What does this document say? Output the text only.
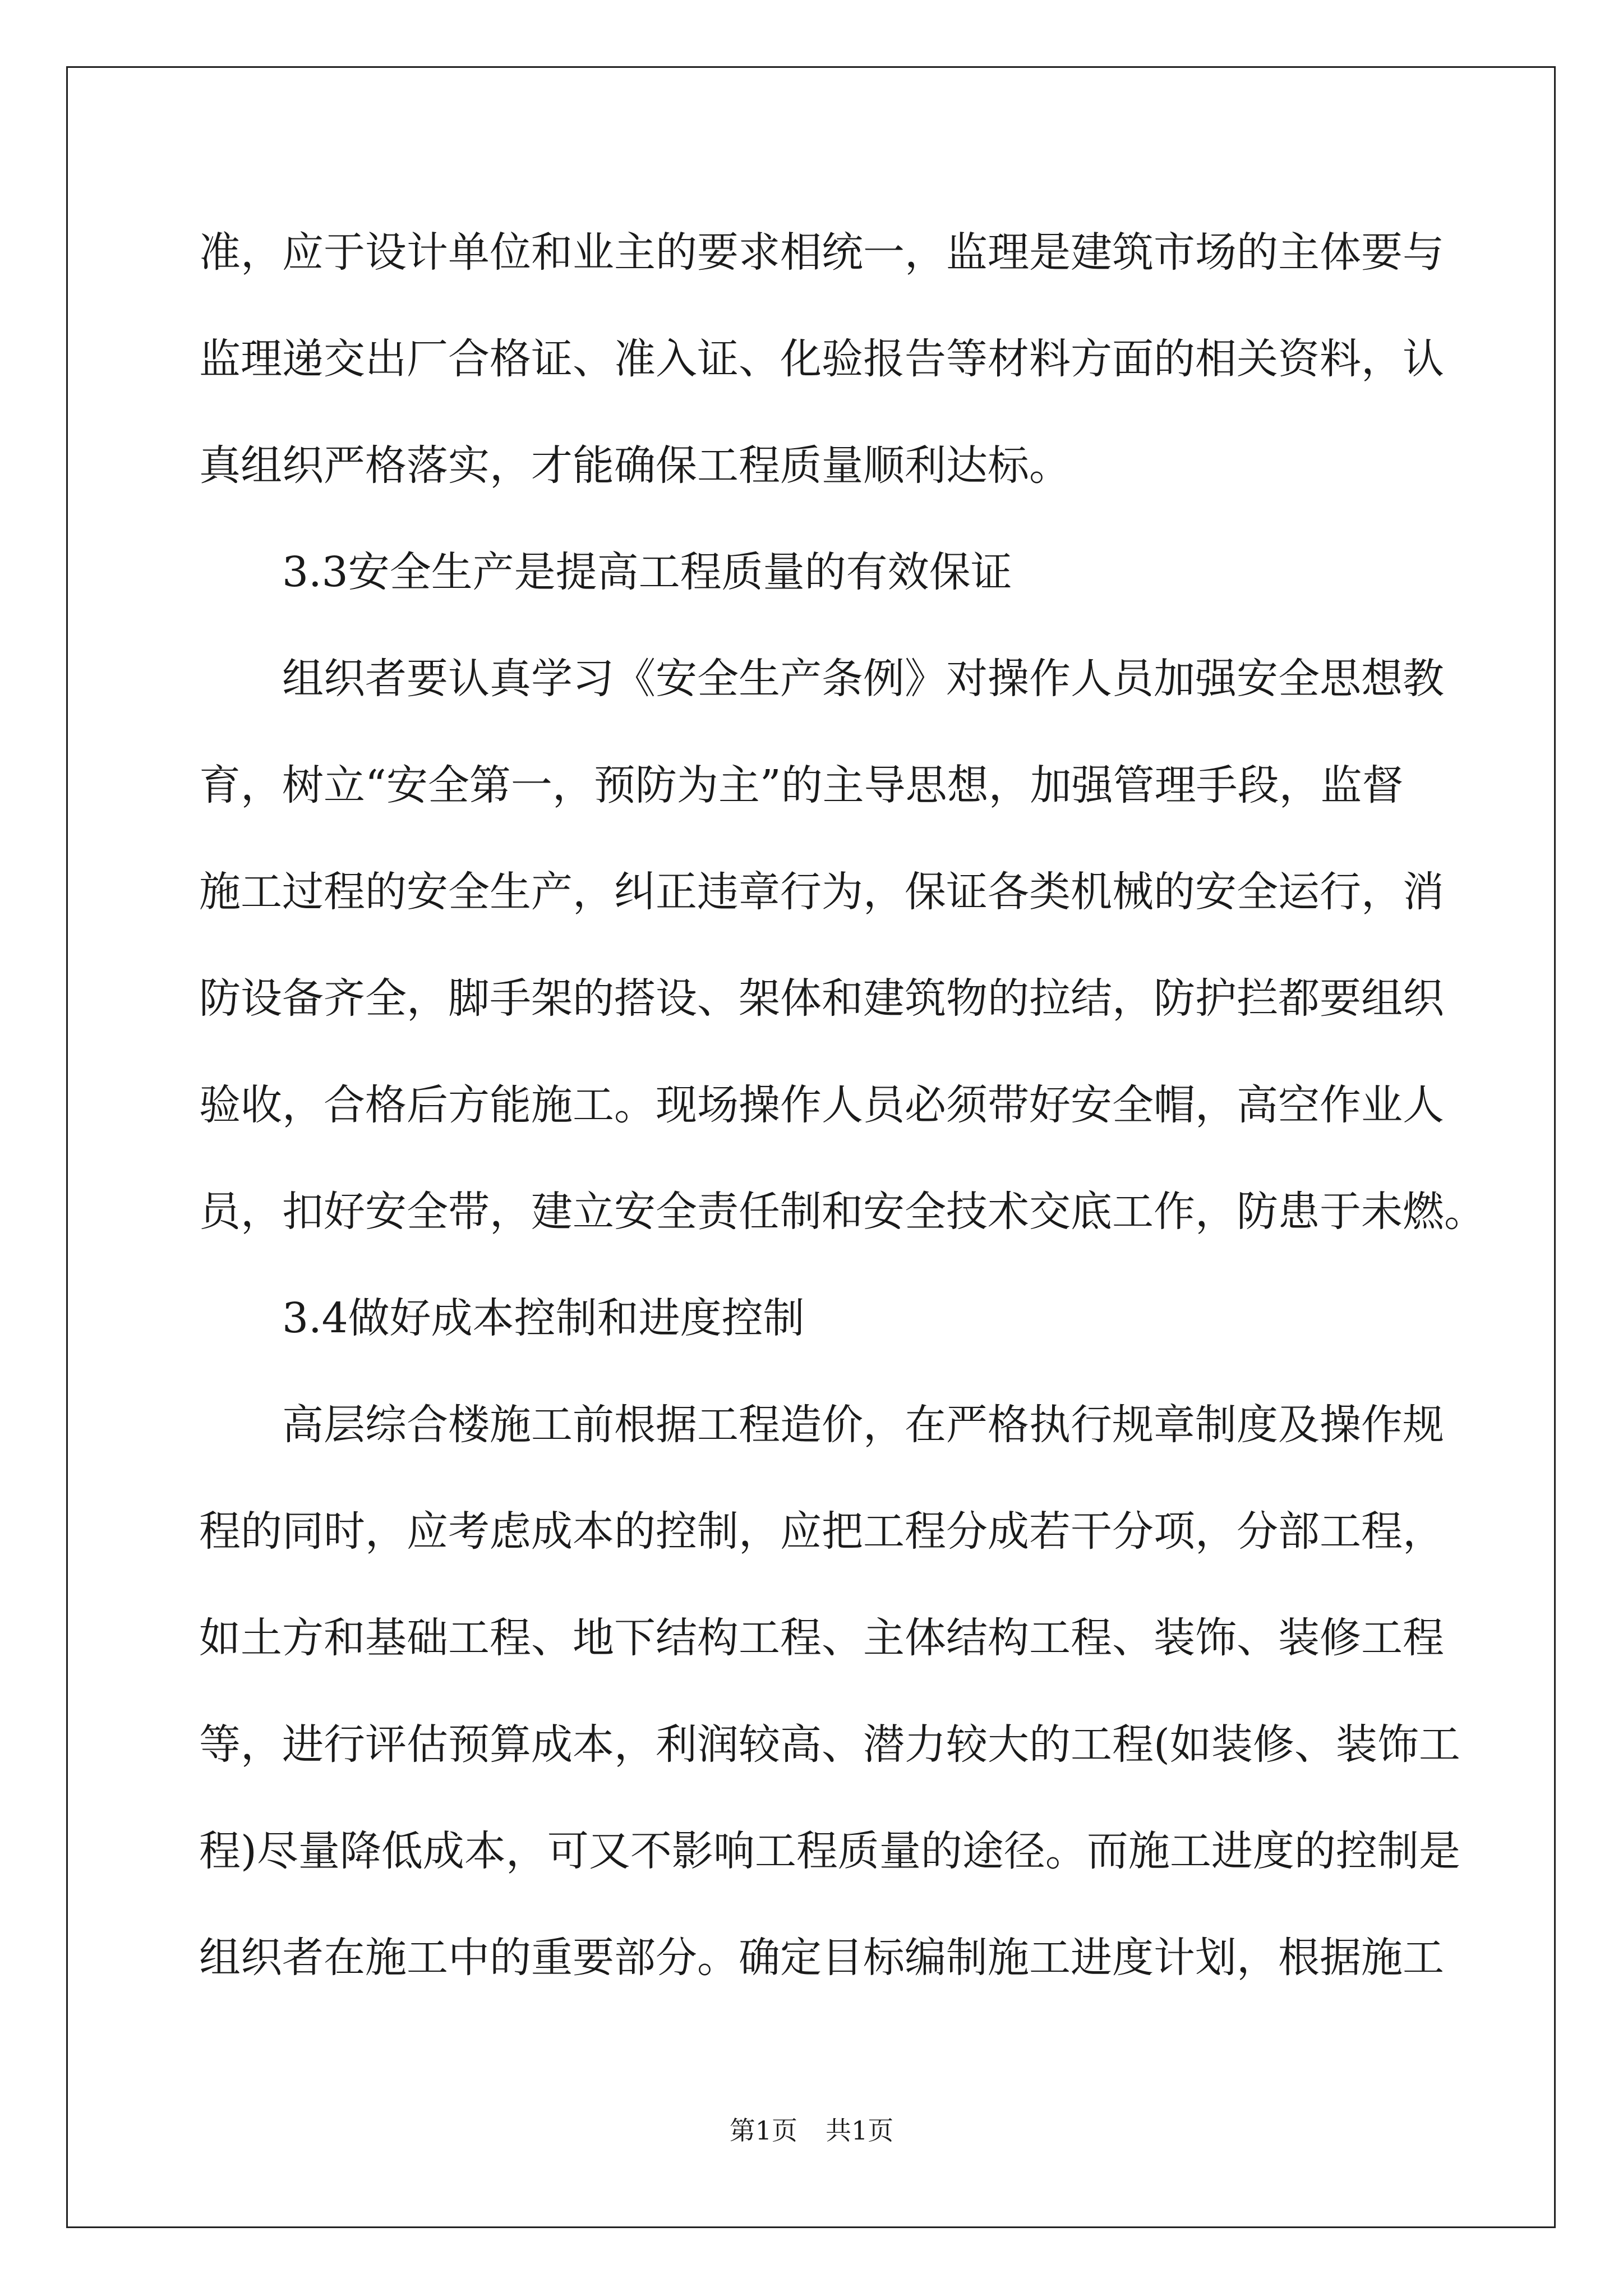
准，应于设计单位和业主的要求相统一，监理是建筑市场的主体要与
监理递交出厂合格证、准入证、化验报告等材料方面的相关资料，认
真组织严格落实，才能确保工程质量顺利达标。
3.3安全生产是提高工程质量的有效保证
组织者要认真学习《安全生产条例》对操作人员加强安全思想教
育，树立“安全第一，预防为主”的主导思想，加强管理手段，监督
施工过程的安全生产，纠正违章行为，保证各类机械的安全运行，消
防设备齐全，脚手架的搭设、架体和建筑物的拉结，防护拦都要组织
验收，合格后方能施工。现场操作人员必须带好安全帽，高空作业人
员，扣好安全带，建立安全责任制和安全技术交底工作，防患于未燃。
3.4做好成本控制和进度控制
高层综合楼施工前根据工程造价，在严格执行规章制度及操作规
程的同时，应考虑成本的控制，应把工程分成若干分项，分部工程，
如土方和基础工程、地下结构工程、主体结构工程、装饰、装修工程
等，进行评估预算成本，利润较高、潜力较大的工程(如装修、装饰工
程)尽量降低成本，可又不影响工程质量的途径。而施工进度的控制是
组织者在施工中的重要部分。确定目标编制施工进度计划，根据施工
第1页 共1页
